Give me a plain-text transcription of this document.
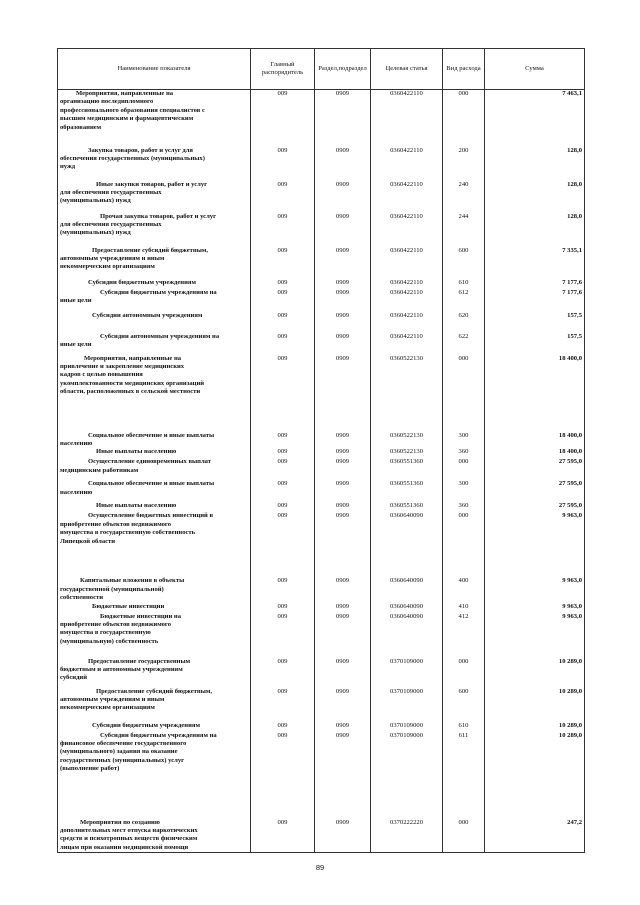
Наименование показателя	Главный распорядитель	Раздел,подраздел	Целевая статья	Вид расхода	Сумма

Мероприятия, направленные на
организацию последипломного
профессионального образования специалистов с
высшим медицинским и фармацевтическим
образованием	009	0909	0360422110	000	7 463,1

Закупка товаров, работ и услуг для
обеспечения государственных (муниципальных)
нужд	009	0909	0360422110	200	128,0

Иные закупки товаров, работ и услуг
для обеспечения государственных
(муниципальных) нужд	009	0909	0360422110	240	128,0

Прочая закупка товаров, работ и услуг
для обеспечения государственных
(муниципальных) нужд	009	0909	0360422110	244	128,0

Предоставление субсидий бюджетным,
автономным учреждениям и иным
некоммерческим организациям	009	0909	0360422110	600	7 335,1

Субсидии бюджетным учреждениям	009	0909	0360422110	610	7 177,6

Субсидии бюджетным учреждениям на
иные цели	009	0909	0360422110	612	7 177,6

Субсидии автономным учреждениям	009	0909	0360422110	620	157,5

Субсидии автономным учреждениям на
иные цели	009	0909	0360422110	622	157,5

Мероприятия, направленные на
привлечение и закрепление медицинских
кадров с целью повышения
укомплектованности медицинских организаций
области, расположенных в сельской местности	009	0909	0360522130	000	18 400,0

Социальное обеспечение и иные выплаты
населению	009	0909	0360522130	300	18 400,0

Иные выплаты населению	009	0909	0360522130	360	18 400,0

Осуществление единовременных выплат
медицинским работникам	009	0909	0360551360	000	27 595,0

Социальное обеспечение и иные выплаты
населению	009	0909	0360551360	300	27 595,0

Иные выплаты населению	009	0909	0360551360	360	27 595,0

Осуществление бюджетных инвестиций в
приобретение объектов недвижимого
имущества в государственную собственность
Липецкой области	009	0909	0360640090	000	9 963,0

Капитальные вложения в объекты
государственной (муниципальной)
собственности	009	0909	0360640090	400	9 963,0

Бюджетные инвестиции	009	0909	0360640090	410	9 963,0

Бюджетные инвестиции на
приобретение объектов недвижимого
имущества в государственную
(муниципальную) собственность	009	0909	0360640090	412	9 963,0

Предоставление государственным
бюджетным и автономным учреждениям
субсидий	009	0909	0370109000	000	10 289,0

Предоставление субсидий бюджетным,
автономным учреждениям и иным
некоммерческим организациям	009	0909	0370109000	600	10 289,0

Субсидии бюджетным учреждениям	009	0909	0370109000	610	10 289,0

Субсидии бюджетным учреждениям на
финансовое обеспечение государственного
(муниципального) задания на оказание
государственных (муниципальных) услуг
(выполнение работ)	009	0909	0370109000	611	10 289,0

Мероприятия по созданию
дополнительных мест отпуска наркотических
средств и психотропных веществ физическим
лицам при оказании медицинской помощи	009	0909	0370222220	000	247,2
89
